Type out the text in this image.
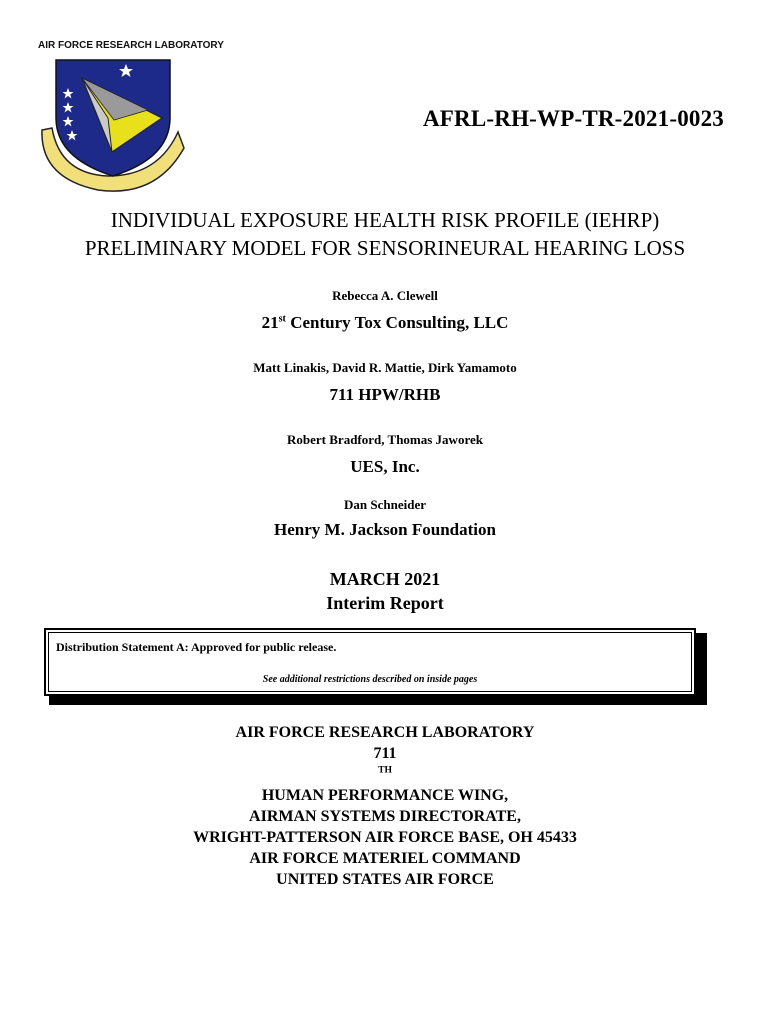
AIR FORCE RESEARCH LABORATORY
AFRL-RH-WP-TR-2021-0023
INDIVIDUAL EXPOSURE HEALTH RISK PROFILE (IEHRP)
PRELIMINARY MODEL FOR SENSORINEURAL HEARING LOSS
Rebecca A. Clewell
21st Century Tox Consulting, LLC
Matt Linakis, David R. Mattie, Dirk Yamamoto
711 HPW/RHB
Robert Bradford, Thomas Jaworek
UES, Inc.
Dan Schneider
Henry M. Jackson Foundation
MARCH 2021
Interim Report
Distribution Statement A: Approved for public release.
See additional restrictions described on inside pages
AIR FORCE RESEARCH LABORATORY
711
$^{TH}$
HUMAN PERFORMANCE WING,
AIRMAN SYSTEMS DIRECTORATE,
WRIGHT-PATTERSON AIR FORCE BASE, OH 45433
AIR FORCE MATERIEL COMMAND
UNITED STATES AIR FORCE
